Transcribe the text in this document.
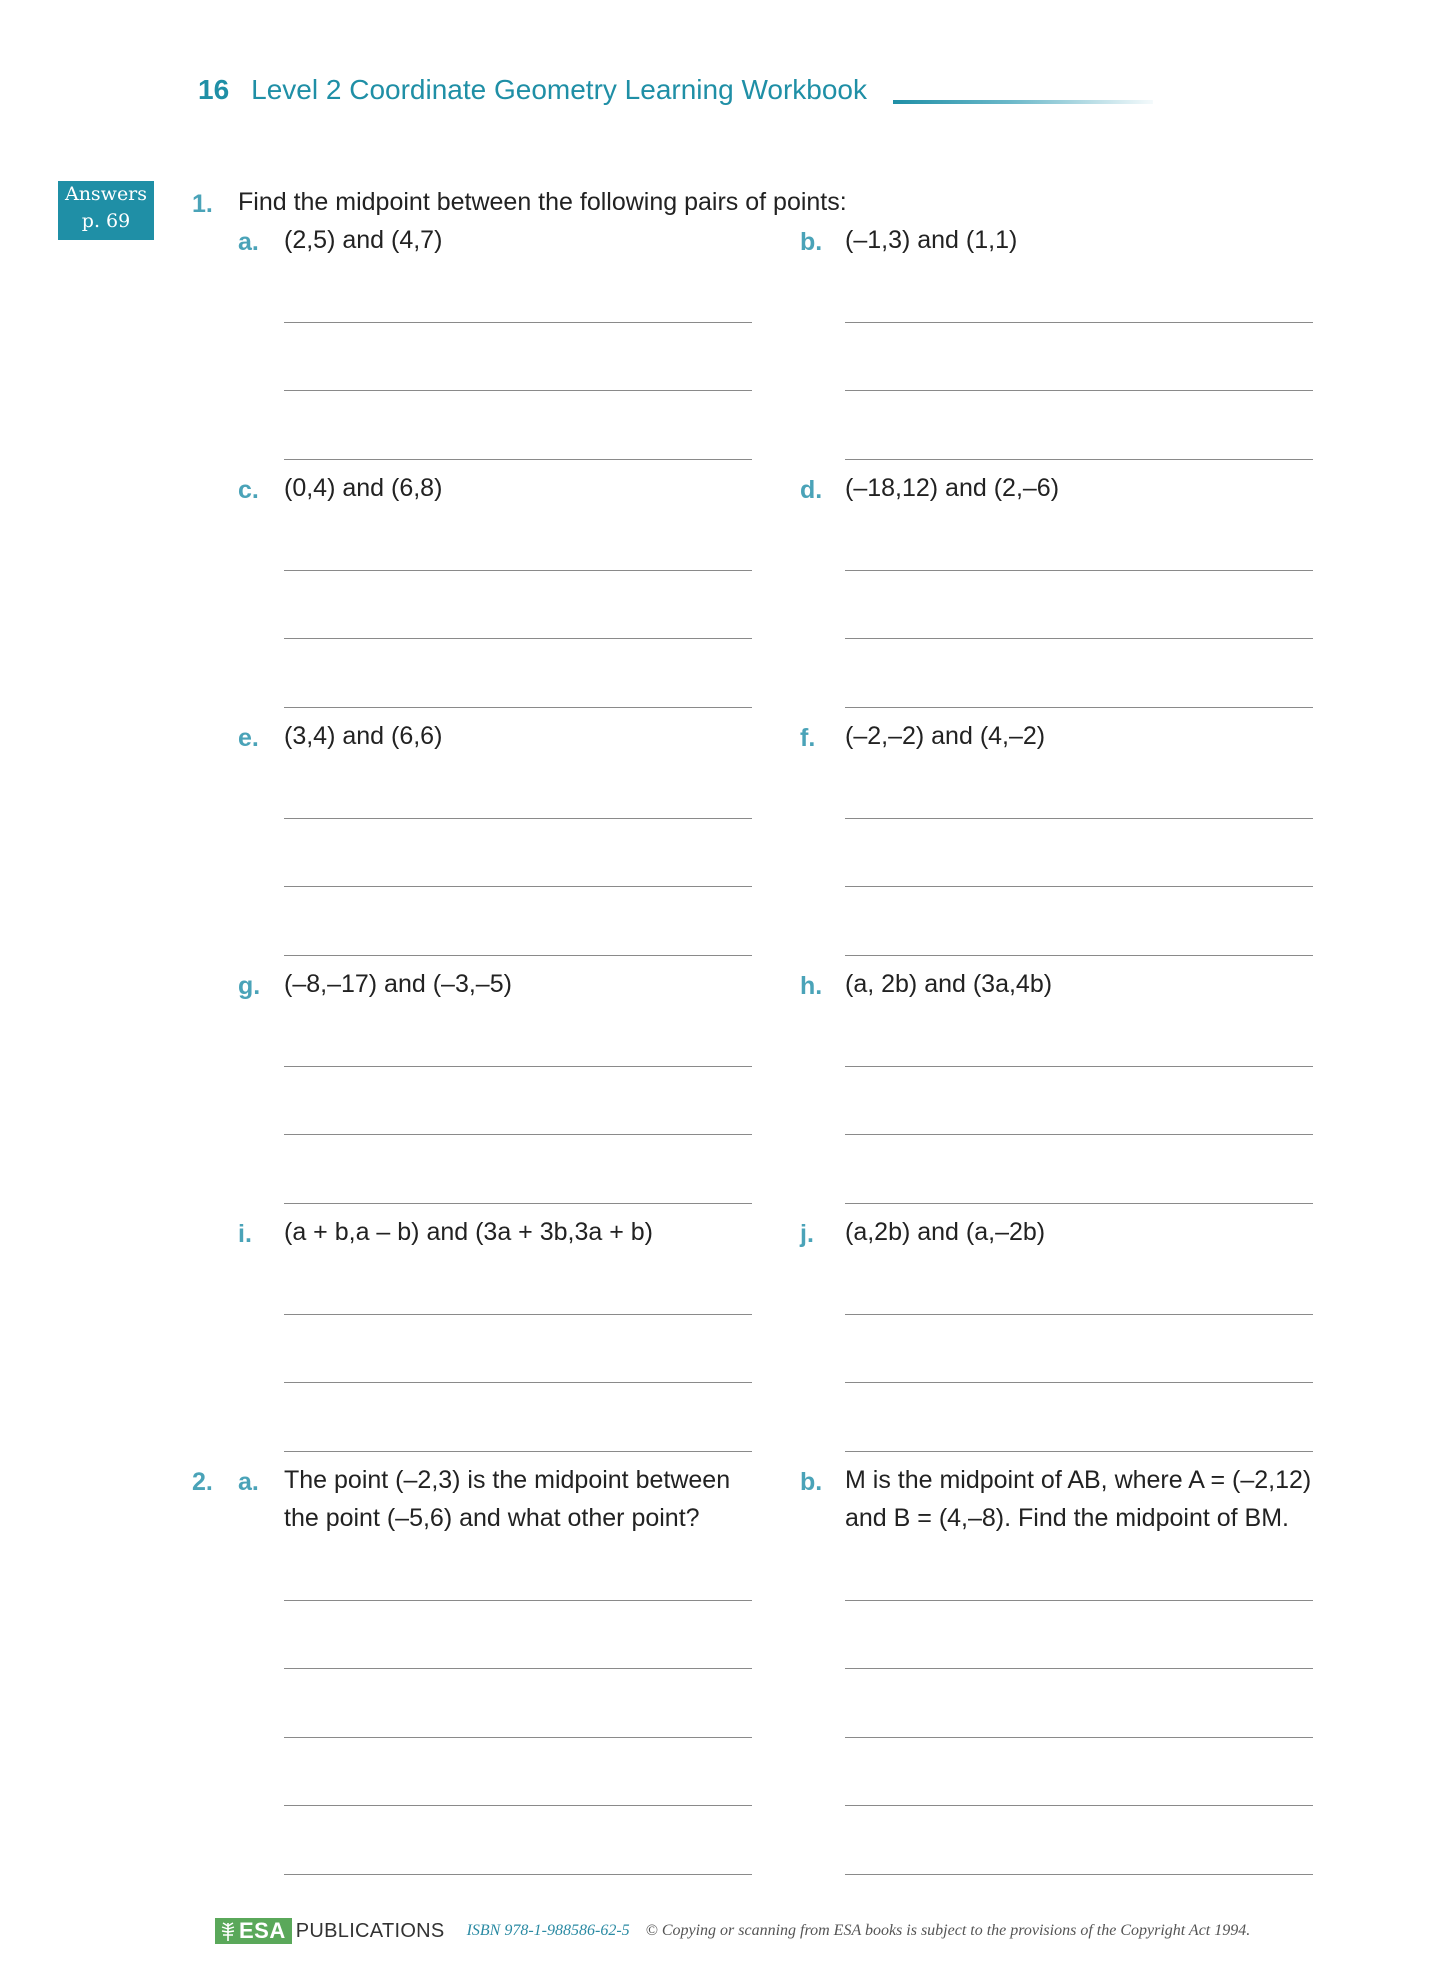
16 Level 2 Coordinate Geometry Learning Workbook
Answers
p. 69
1. Find the midpoint between the following pairs of points:
a. (2,5) and (4,7)	b. (–1,3) and (1,1)
c. (0,4) and (6,8)	d. (–18,12) and (2,–6)
e. (3,4) and (6,6)	f. (–2,–2) and (4,–2)
g. (–8,–17) and (–3,–5)	h. (a, 2b) and (3a,4b)
i. (a + b,a – b) and (3a + 3b,3a + b)	j. (a,2b) and (a,–2b)
2. a. The point (–2,3) is the midpoint between
the point (–5,6) and what other point?
b. M is the midpoint of AB, where A = (–2,12)
and B = (4,–8). Find the midpoint of BM.
ESA PUBLICATIONS ISBN 978-1-988586-62-5 © Copying or scanning from ESA books is subject to the provisions of the Copyright Act 1994.
